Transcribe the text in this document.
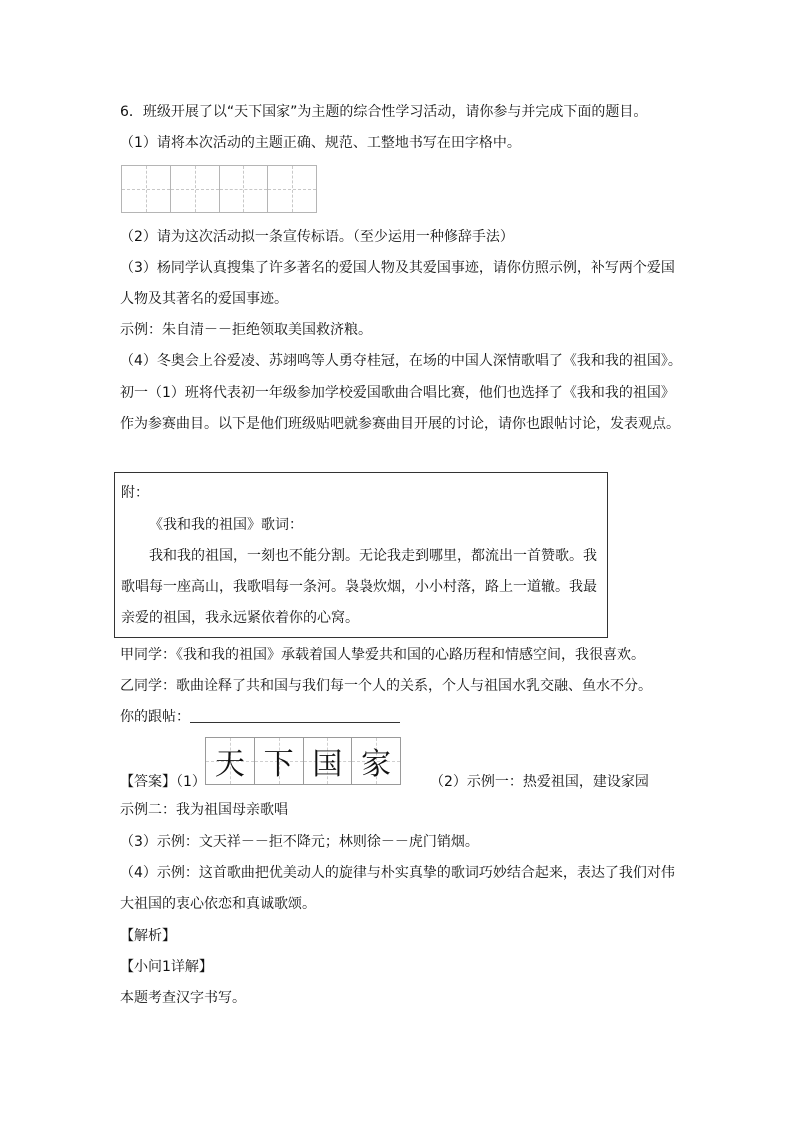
6．班级开展了以“天下国家”为主题的综合性学习活动，请你参与并完成下面的题目。
（1）请将本次活动的主题正确、规范、工整地书写在田字格中。
（2）请为这次活动拟一条宣传标语。（至少运用一种修辞手法）
（3）杨同学认真搜集了许多著名的爱国人物及其爱国事迹，请你仿照示例，补写两个爱国
人物及其著名的爱国事迹。
示例：朱自清－－拒绝领取美国救济粮。
（4）冬奥会上谷爱凌、苏翊鸣等人勇夺桂冠，在场的中国人深情歌唱了《我和我的祖国》。
初一（1）班将代表初一年级参加学校爱国歌曲合唱比赛，他们也选择了《我和我的祖国》
作为参赛曲目。以下是他们班级贴吧就参赛曲目开展的讨论，请你也跟帖讨论，发表观点。
附：
《我和我的祖国》歌词：
我和我的祖国，一刻也不能分割。无论我走到哪里，都流出一首赞歌。我
歌唱每一座高山，我歌唱每一条河。袅袅炊烟，小小村落，路上一道辙。我最
亲爱的祖国，我永远紧依着你的心窝。
甲同学：《我和我的祖国》承载着国人挚爱共和国的心路历程和情感空间，我很喜欢。
乙同学：歌曲诠释了共和国与我们每一个人的关系，个人与祖国水乳交融、鱼水不分。
你的跟帖：
【答案】（1） 天 下 国 家	（2）示例一：热爱祖国，建设家园
示例二：我为祖国母亲歌唱
（3）示例：文天祥－－拒不降元；林则徐－－虎门销烟。
（4）示例：这首歌曲把优美动人的旋律与朴实真挚的歌词巧妙结合起来，表达了我们对伟
大祖国的衷心依恋和真诚歌颂。
【解析】
【小问1详解】
本题考查汉字书写。
